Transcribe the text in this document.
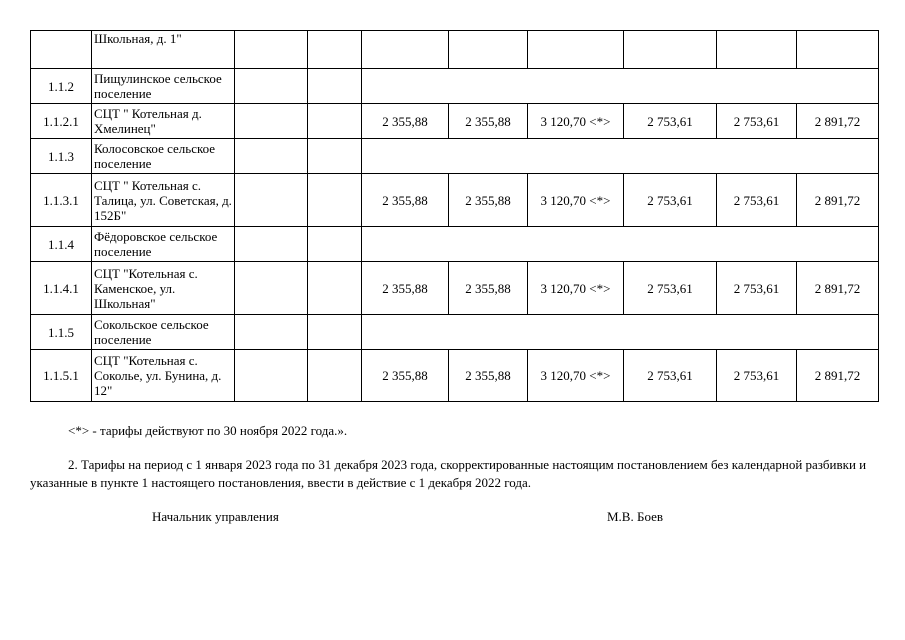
	Школьная, д. 1"								
1.1.2	Пищулинское сельское поселение								
1.1.2.1	СЦТ " Котельная д. Хмелинец"			2 355,88	2 355,88	3 120,70 <*>	2 753,61	2 753,61	2 891,72
1.1.3	Колосовское сельское поселение								
1.1.3.1	СЦТ " Котельная с. Талица, ул. Советская, д. 152Б"			2 355,88	2 355,88	3 120,70 <*>	2 753,61	2 753,61	2 891,72
1.1.4	Фёдоровское сельское поселение								
1.1.4.1	СЦТ "Котельная с. Каменское, ул. Школьная"			2 355,88	2 355,88	3 120,70 <*>	2 753,61	2 753,61	2 891,72
1.1.5	Сокольское сельское поселение								
1.1.5.1	СЦТ "Котельная с. Соколье, ул. Бунина, д. 12"			2 355,88	2 355,88	3 120,70 <*>	2 753,61	2 753,61	2 891,72
<*> - тарифы действуют по 30 ноября 2022 года.».
2. Тарифы на период с 1 января 2023 года по 31 декабря 2023 года, скорректированные настоящим постановлением без календарной разбивки и указанные в пункте 1 настоящего постановления, ввести в действие с 1 декабря 2022 года.
Начальник управления	М.В. Боев
